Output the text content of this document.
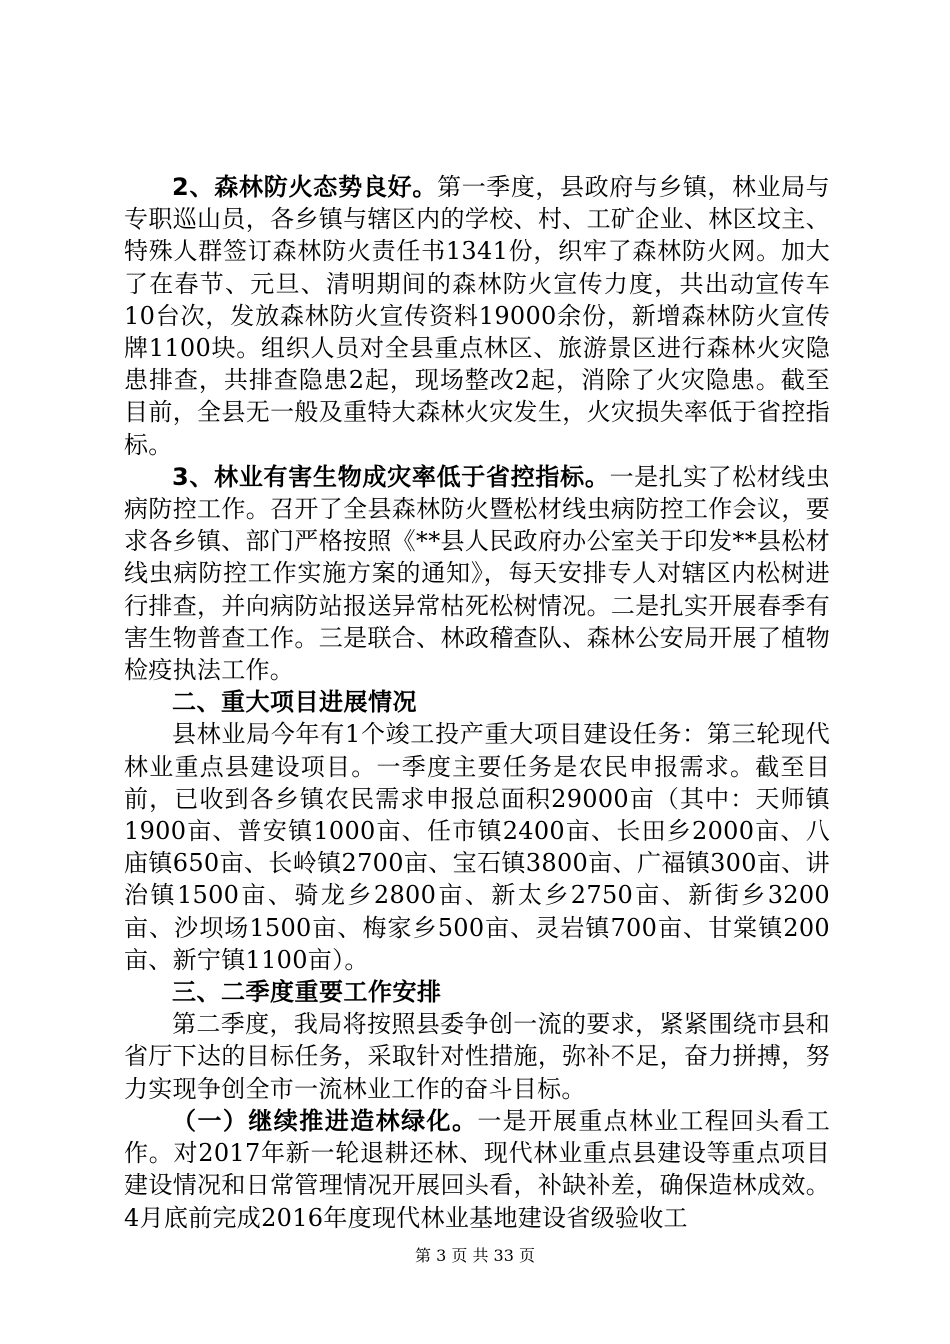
2、森林防火态势良好。第一季度，县政府与乡镇，林业局与专职巡山员，各乡镇与辖区内的学校、村、工矿企业、林区坟主、特殊人群签订森林防火责任书1341份，织牢了森林防火网。加大了在春节、元旦、清明期间的森林防火宣传力度，共出动宣传车10台次，发放森林防火宣传资料19000余份，新增森林防火宣传牌1100块。组织人员对全县重点林区、旅游景区进行森林火灾隐患排查，共排查隐患2起，现场整改2起，消除了火灾隐患。截至目前，全县无一般及重特大森林火灾发生，火灾损失率低于省控指标。

3、林业有害生物成灾率低于省控指标。一是扎实了松材线虫病防控工作。召开了全县森林防火暨松材线虫病防控工作会议，要求各乡镇、部门严格按照《**县人民政府办公室关于印发**县松材线虫病防控工作实施方案的通知》，每天安排专人对辖区内松树进行排查，并向病防站报送异常枯死松树情况。二是扎实开展春季有害生物普查工作。三是联合、林政稽查队、森林公安局开展了植物检疫执法工作。

二、重大项目进展情况

县林业局今年有1个竣工投产重大项目建设任务：第三轮现代林业重点县建设项目。一季度主要任务是农民申报需求。截至目前，已收到各乡镇农民需求申报总面积29000亩（其中：天师镇1900亩、普安镇1000亩、任市镇2400亩、长田乡2000亩、八庙镇650亩、长岭镇2700亩、宝石镇3800亩、广福镇300亩、讲治镇1500亩、骑龙乡2800亩、新太乡2750亩、新街乡3200亩、沙坝场1500亩、梅家乡500亩、灵岩镇700亩、甘棠镇200亩、新宁镇1100亩）。

三、二季度重要工作安排

第二季度，我局将按照县委争创一流的要求，紧紧围绕市县和省厅下达的目标任务，采取针对性措施，弥补不足，奋力拼搏，努力实现争创全市一流林业工作的奋斗目标。

（一）继续推进造林绿化。一是开展重点林业工程回头看工作。对2017年新一轮退耕还林、现代林业重点县建设等重点项目建设情况和日常管理情况开展回头看，补缺补差，确保造林成效。4月底前完成2016年度现代林业基地建设省级验收工

第 3 页 共 33 页
